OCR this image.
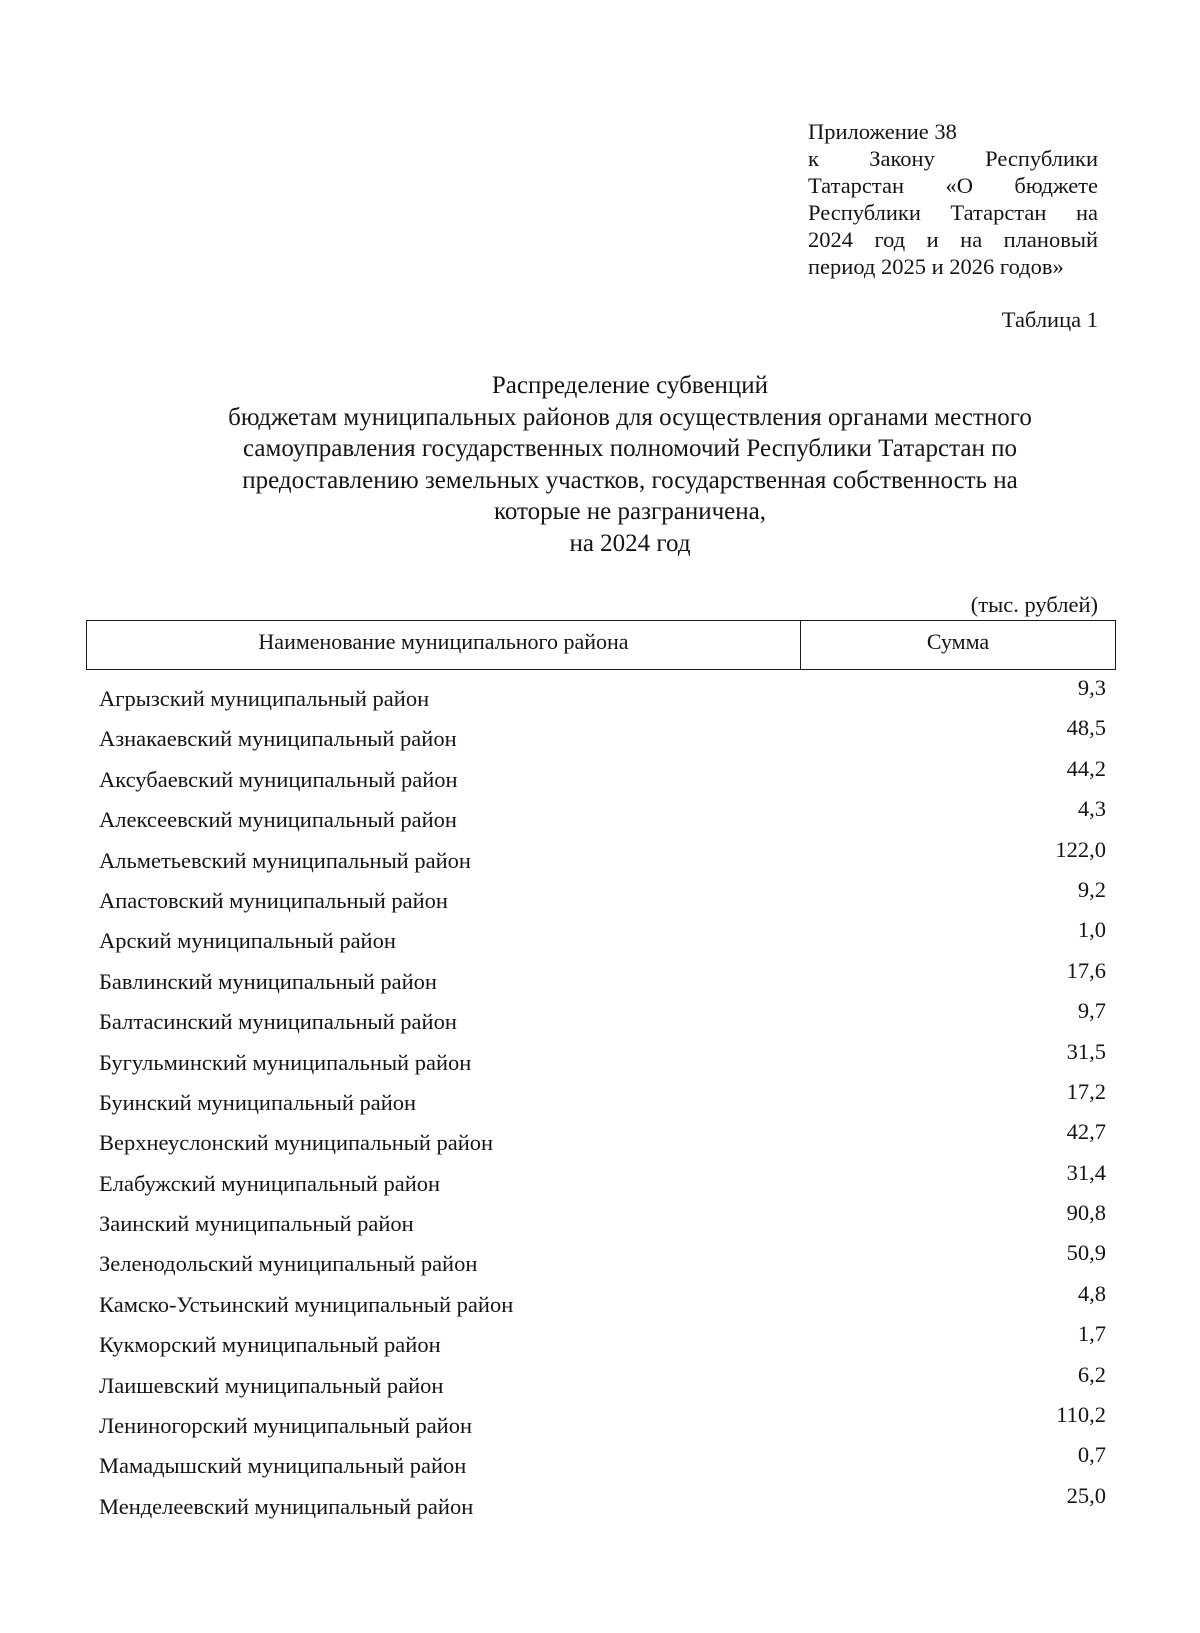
Приложение 38
к Закону Республики
Татарстан «О бюджете
Республики Татарстан на
2024 год и на плановый
период 2025 и 2026 годов»
Таблица 1
Распределение субвенций
бюджетам муниципальных районов для осуществления органами местного
самоуправления государственных полномочий Республики Татарстан по
предоставлению земельных участков, государственная собственность на
которые не разграничена,
на 2024 год
(тыс. рублей)
Наименование муниципального района	Сумма
Агрызский муниципальный район	9,3
Азнакаевский муниципальный район	48,5
Аксубаевский муниципальный район	44,2
Алексеевский муниципальный район	4,3
Альметьевский муниципальный район	122,0
Апастовский муниципальный район	9,2
Арский муниципальный район	1,0
Бавлинский муниципальный район	17,6
Балтасинский муниципальный район	9,7
Бугульминский муниципальный район	31,5
Буинский муниципальный район	17,2
Верхнеуслонский муниципальный район	42,7
Елабужский муниципальный район	31,4
Заинский муниципальный район	90,8
Зеленодольский муниципальный район	50,9
Камско-Устьинский муниципальный район	4,8
Кукморский муниципальный район	1,7
Лаишевский муниципальный район	6,2
Лениногорский муниципальный район	110,2
Мамадышский муниципальный район	0,7
Менделеевский муниципальный район	25,0
